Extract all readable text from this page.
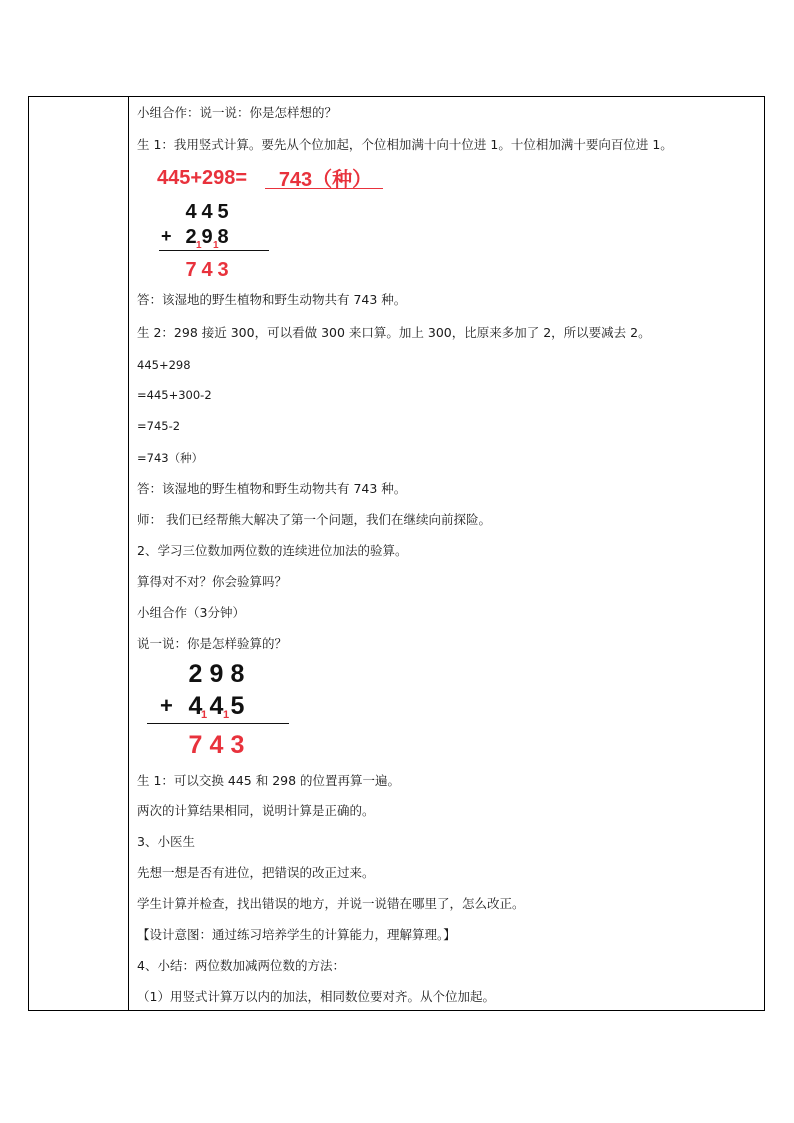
小组合作：说一说：你是怎样想的？
生 1：我用竖式计算。要先从个位加起，个位相加满十向十位进 1。十位相加满十要向百位进 1。
445+298=	743（种）
4 4 5
+ 2 9 8
1 1
7 4 3
答：该湿地的野生植物和野生动物共有 743 种。
生 2：298 接近 300，可以看做 300 来口算。加上 300，比原来多加了 2，所以要减去 2。
445+298
=445+300-2
=745-2
=743（种）
答：该湿地的野生植物和野生动物共有 743 种。
师： 我们已经帮熊大解决了第一个问题，我们在继续向前探险。
2、学习三位数加两位数的连续进位加法的验算。
算得对不对？你会验算吗？
小组合作（3分钟）
说一说：你是怎样验算的？
2 9 8
+ 4 4 5
1 1
7 4 3
生 1：可以交换 445 和 298 的位置再算一遍。
两次的计算结果相同，说明计算是正确的。
3、小医生
先想一想是否有进位，把错误的改正过来。
学生计算并检查，找出错误的地方，并说一说错在哪里了，怎么改正。
【设计意图：通过练习培养学生的计算能力，理解算理。】
4、小结：两位数加减两位数的方法：
（1）用竖式计算万以内的加法，相同数位要对齐。从个位加起。
